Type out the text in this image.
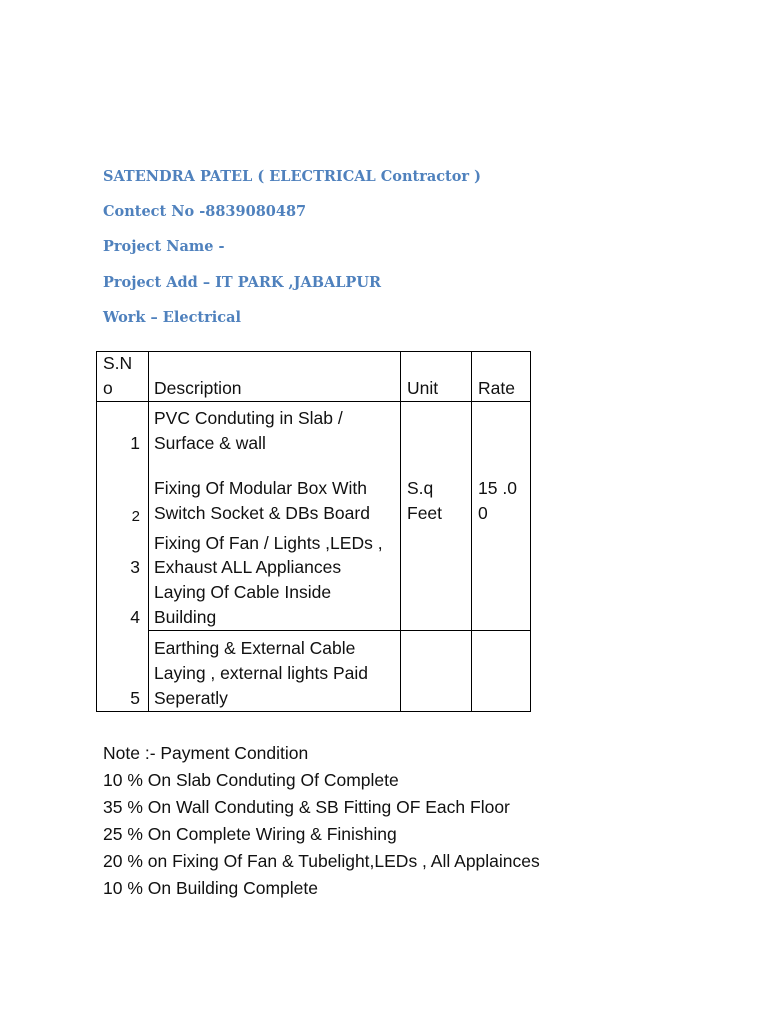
SATENDRA PATEL ( ELECTRICAL Contractor )
Contect No -8839080487
Project Name -
Project Add – IT PARK ,JABALPUR
Work – Electrical
S.N
o Description	Unit Rate
PVC Conduting in Slab /
Surface & wall
1
Fixing Of Modular Box With
Switch Socket & DBs Board
2
S.q
Feet
15 .0
0
Fixing Of Fan / Lights ,LEDs ,
Exhaust ALL Appliances
3
Laying Of Cable Inside
Building
4
Earthing & External Cable
Laying , external lights Paid
Seperatly
5
Note :- Payment Condition
10 % On Slab Conduting Of Complete
35 % On Wall Conduting & SB Fitting OF Each Floor
25 % On Complete Wiring & Finishing
20 % on Fixing Of Fan & Tubelight,LEDs , All Applainces
10 % On Building Complete
